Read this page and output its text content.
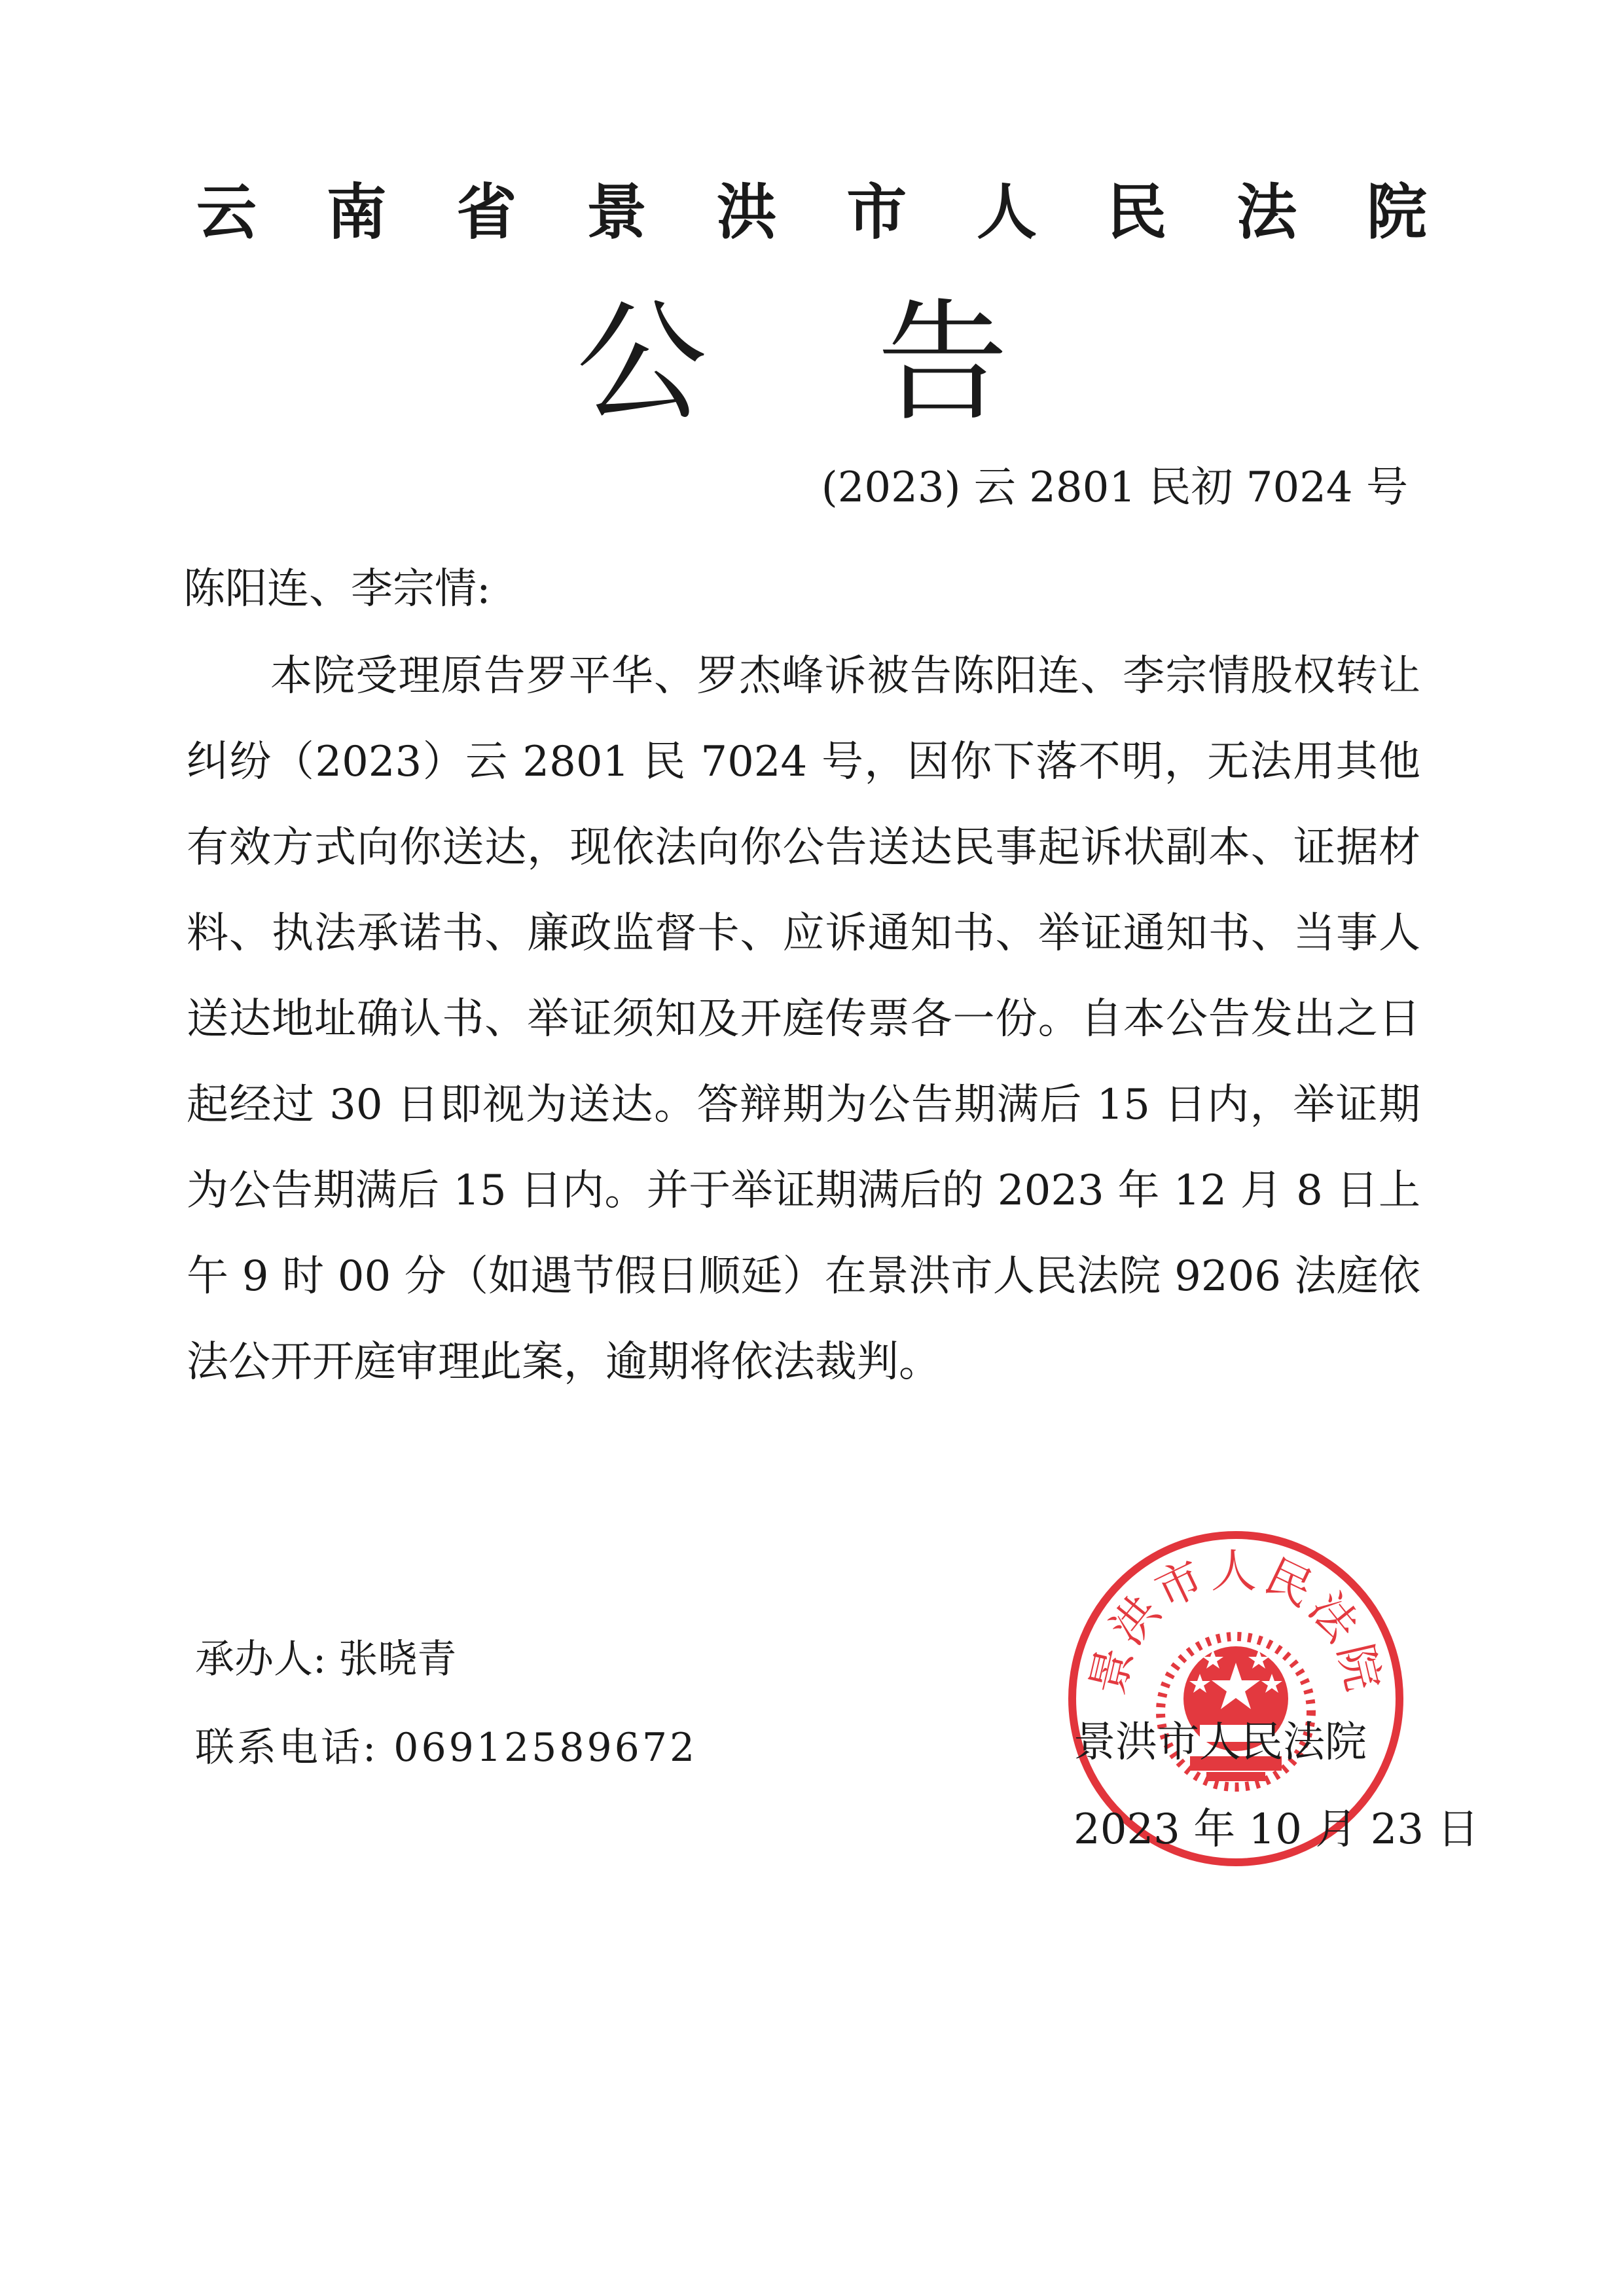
云 南 省 景 洪 市 人 民 法 院
公 告
(2023) 云 2801 民初 7024 号
陈阳连、李宗情:
本院受理原告罗平华、罗杰峰诉被告陈阳连、李宗情股权转让纠纷（2023）云 2801 民 7024 号，因你下落不明，无法用其他有效方式向你送达，现依法向你公告送达民事起诉状副本、证据材料、执法承诺书、廉政监督卡、应诉通知书、举证通知书、当事人送达地址确认书、举证须知及开庭传票各一份。自本公告发出之日起经过 30 日即视为送达。答辩期为公告期满后 15 日内，举证期为公告期满后 15 日内。并于举证期满后的 2023 年 12 月 8 日上午 9 时 00 分（如遇节假日顺延）在景洪市人民法院 9206 法庭依法公开开庭审理此案，逾期将依法裁判。
承办人: 张晓青
联系电话: 06912589672
景洪市人民法院
景洪市人民法院
2023 年 10 月 23 日
